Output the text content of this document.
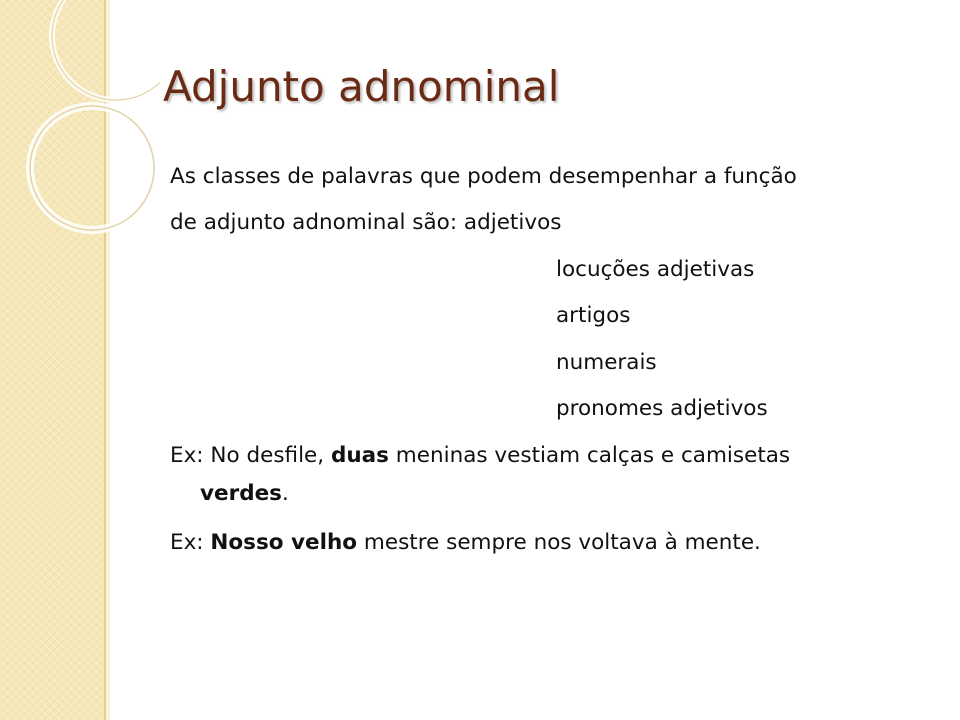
Adjunto adnominal
As classes de palavras que podem desempenhar a função
de adjunto adnominal são: adjetivos
locuções adjetivas
artigos
numerais
pronomes adjetivos
Ex: No desfile, duas meninas vestiam calças e camisetas
verdes.
Ex: Nosso velho mestre sempre nos voltava à mente.
